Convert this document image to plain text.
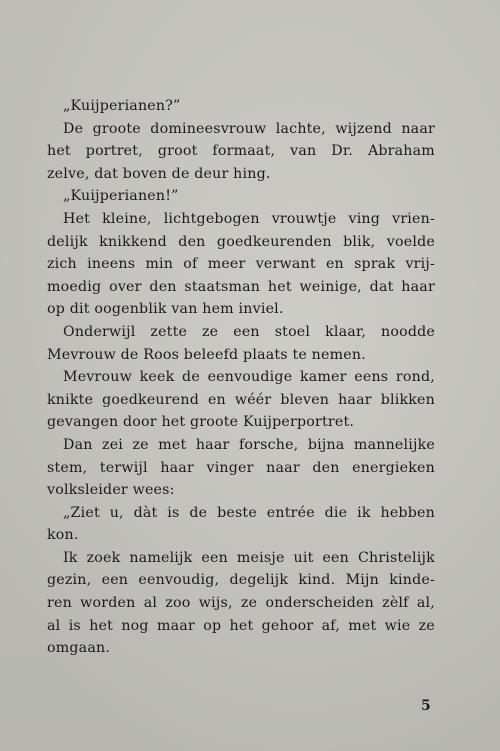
„Kuijperianen?”
De groote domineesvrouw lachte, wijzend naar
het portret, groot formaat, van Dr. Abraham
zelve, dat boven de deur hing.
„Kuijperianen!”
Het kleine, lichtgebogen vrouwtje ving vrien-
delijk knikkend den goedkeurenden blik, voelde
zich ineens min of meer verwant en sprak vrij-
moedig over den staatsman het weinige, dat haar
op dit oogenblik van hem inviel.
Onderwijl zette ze een stoel klaar, noodde
Mevrouw de Roos beleefd plaats te nemen.
Mevrouw keek de eenvoudige kamer eens rond,
knikte goedkeurend en wéér bleven haar blikken
gevangen door het groote Kuijperportret.
Dan zei ze met haar forsche, bijna mannelijke
stem, terwijl haar vinger naar den energieken
volksleider wees:
„Ziet u, dàt is de beste entrée die ik hebben
kon.
Ik zoek namelijk een meisje uit een Christelijk
gezin, een eenvoudig, degelijk kind. Mijn kinde-
ren worden al zoo wijs, ze onderscheiden zèlf al,
al is het nog maar op het gehoor af, met wie ze
omgaan.
5
